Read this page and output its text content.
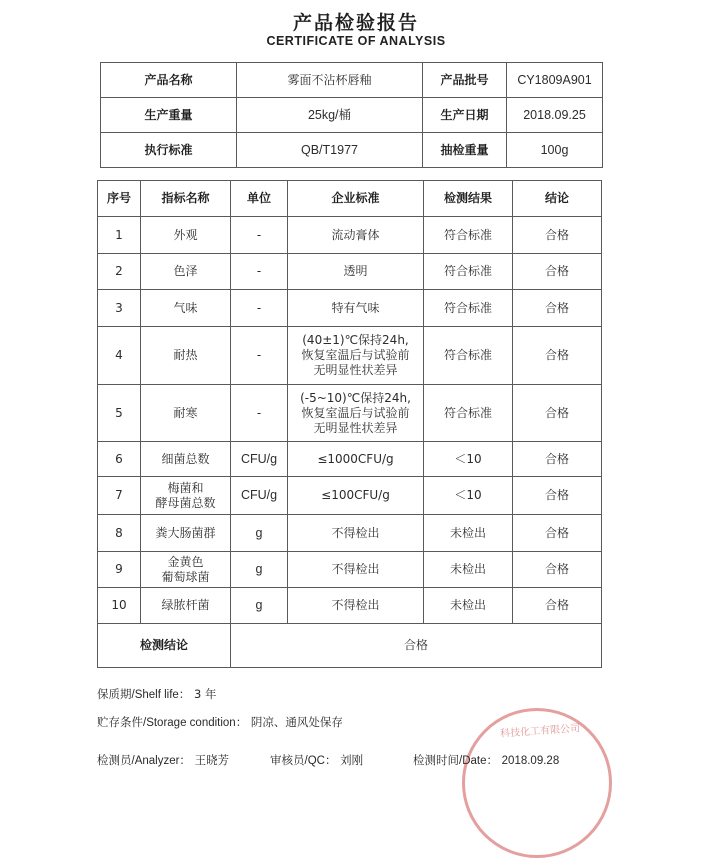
产品检验报告
CERTIFICATE OF ANALYSIS
产品名称	雾面不沾杯唇釉	产品批号	CY1809A901
生产重量	25kg/桶	生产日期	2018.09.25
执行标准	QB/T1977	抽检重量	100g
序号	指标名称	单位	企业标准	检测结果	结论
1	外观	-	流动膏体	符合标准	合格
2	色泽	-	透明	符合标准	合格
3	气味	-	特有气味	符合标准	合格
4	耐热	-	(40±1)℃保持24h,
恢复室温后与试验前
无明显性状差异	符合标准	合格
5	耐寒	-	(-5~10)℃保持24h,
恢复室温后与试验前
无明显性状差异	符合标准	合格
6	细菌总数	CFU/g	≤1000CFU/g	＜10	合格
7	梅菌和
酵母菌总数	CFU/g	≤100CFU/g	＜10	合格
8	粪大肠菌群	g	不得检出	未检出	合格
9	金黄色
葡萄球菌	g	不得检出	未检出	合格
10	绿脓杆菌	g	不得检出	未检出	合格
检测结论		合格			
保质期/Shelf life： 3 年
贮存条件/Storage condition： 阴凉、通风处保存
检测员/Analyzer： 王晓芳	审核员/QC： 刘刚
科技化工有限公司
检测时间/Date： 2018.09.28
